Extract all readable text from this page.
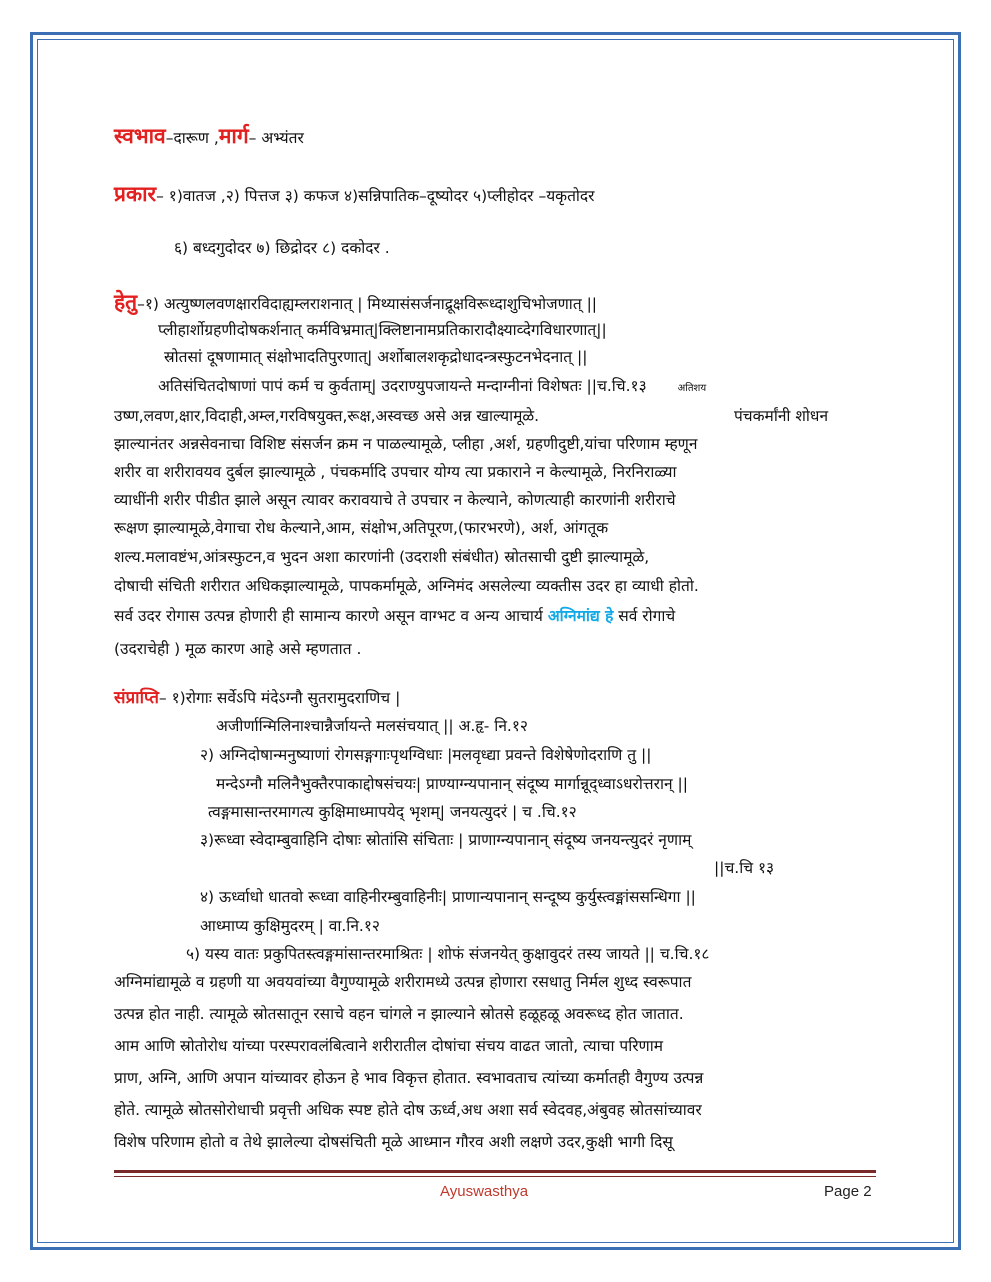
स्वभाव–दारूण ,मार्ग– अभ्यंतर
प्रकार– १)वातज ,२) पित्तज ३) कफज ४)सन्निपातिक–दूष्योदर ५)प्लीहोदर –यकृतोदर
६) बध्दगुदोदर ७) छिद्रोदर ८) दकोदर .
हेतु–१) अत्युष्णलवणक्षारविदाह्यम्लराशनात् | मिथ्यासंसर्जनाद्रूक्षविरूध्दाशुचिभोजणात् ||
प्लीहार्शोग्रहणीदोषकर्शनात् कर्मविभ्रमात्|क्लिष्टानामप्रतिकारादौक्ष्याव्देगविधारणात्||
स्रोतसां दूषणामात् संक्षोभादतिपुरणात्| अर्शोबालशकृद्रोधादन्त्रस्फुटनभेदनात् ||
अतिसंचितदोषाणां पापं कर्म च कुर्वताम्| उदराण्युपजायन्ते मन्दाग्नीनां विशेषतः ||च.चि.१३	अतिशय
उष्ण,लवण,क्षार,विदाही,अम्ल,गरविषयुक्त,रूक्ष,अस्वच्छ असे अन्न खाल्यामूळे.	पंचकर्मांनी शोधन
झाल्यानंतर अन्नसेवनाचा विशिष्ट संसर्जन क्रम न पाळल्यामूळे, प्लीहा ,अर्श, ग्रहणीदुष्टी,यांचा परिणाम म्हणून
शरीर वा शरीरावयव दुर्बल झाल्यामूळे , पंचकर्मादि उपचार योग्य त्या प्रकाराने न केल्यामूळे, निरनिराळ्या
व्याधींनी शरीर पीडीत झाले असून त्यावर करावयाचे ते उपचार न केल्याने, कोणत्याही कारणांनी शरीराचे
रूक्षण झाल्यामूळे,वेगाचा रोध केल्याने,आम, संक्षोभ,अतिपूरण,(फारभरणे), अर्श, आंगतूक
शल्य.मलावष्टंभ,आंत्रस्फुटन,व भुदन अशा कारणांनी (उदराशी संबंधीत) स्रोतसाची दुष्टी झाल्यामूळे,
दोषाची संचिती शरीरात अधिकझाल्यामूळे, पापकर्मामूळे, अग्निमंद असलेल्या व्यक्तीस उदर हा व्याधी होतो.
सर्व उदर रोगास उत्पन्न होणारी ही सामान्य कारणे असून वाग्भट व अन्य आचार्य अग्निमांद्य हे सर्व रोगाचे
(उदराचेही ) मूळ कारण आहे असे म्हणतात .
संप्राप्ति– १)रोगाः सर्वेऽपि मंदेऽग्नौ सुतरामुदराणिच |
अजीर्णान्मिलिनाश्चान्नैर्जायन्ते मलसंचयात् || अ.हृ- नि.१२
२) अग्निदोषान्मनुष्याणां रोगसङ्गगाःपृथग्विधाः |मलवृध्द्या प्रवन्ते विशेषेणोदराणि तु ||
मन्देऽग्नौ मलिनैभुक्तैरपाकाद्दोषसंचयः| प्राण्याग्न्यपानान् संदूष्य मार्गान्नूद्ध्वाऽधरोत्तरान् ||
त्वङ्गमासान्तरमागत्य कुक्षिमाध्मापयेद् भृशम्| जनयत्युदरं | च .चि.१२
३)रूध्वा स्वेदाम्बुवाहिनि दोषाः स्रोतांसि संचिताः | प्राणाग्न्यपानान् संदूष्य जनयन्त्युदरं नृणाम्
||च.चि १३
४) ऊर्ध्वाधो धातवो रूध्वा वाहिनीरम्बुवाहिनीः| प्राणान्यपानान् सन्दूष्य कुर्युस्त्वङ्मांससन्धिगा ||
आध्माप्य कुक्षिमुदरम् | वा.नि.१२
५) यस्य वातः प्रकुपितस्त्वङ्गमांसान्तरमाश्रितः | शोफं संजनयेत् कुक्षावुदरं तस्य जायते || च.चि.१८
अग्निमांद्यामूळे व ग्रहणी या अवयवांच्या वैगुण्यामूळे शरीरामध्ये उत्पन्न होणारा रसधातु निर्मल शुध्द स्वरूपात
उत्पन्न होत नाही. त्यामूळे स्रोतसातून रसाचे वहन चांगले न झाल्याने स्रोतसे हळूहळू अवरूध्द होत जातात.
आम आणि स्रोतोरोध यांच्या परस्परावलंबित्वाने शरीरातील दोषांचा संचय वाढत जातो, त्याचा परिणाम
प्राण, अग्नि, आणि अपान यांच्यावर होऊन हे भाव विकृत्त होतात. स्वभावताच त्यांच्या कर्मातही वैगुण्य उत्पन्न
होते. त्यामूळे स्रोतसोरोधाची प्रवृत्ती अधिक स्पष्ट होते दोष ऊर्ध्व,अध अशा सर्व स्वेदवह,अंबुवह स्रोतसांच्यावर
विशेष परिणाम होतो व तेथे झालेल्या दोषसंचिती मूळे आध्मान गौरव अशी लक्षणे उदर,कुक्षी भागी दिसू
Ayuswasthya	Page 2
